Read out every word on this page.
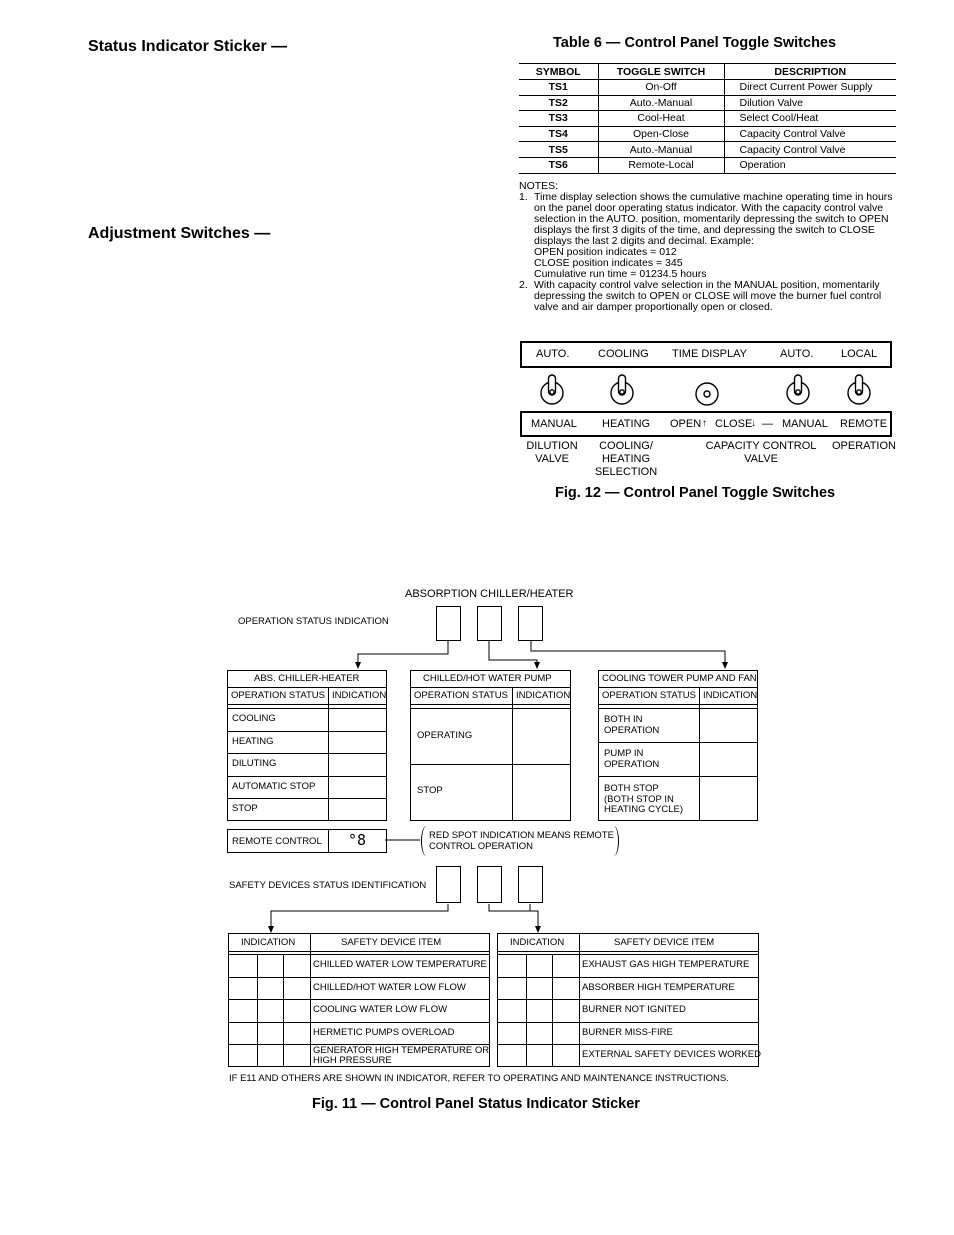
Status Indicator Sticker —
Adjustment Switches —
Table 6 — Control Panel Toggle Switches
SYMBOL	TOGGLE SWITCH	DESCRIPTION
TS1	On-Off	Direct Current Power Supply
TS2	Auto.-Manual	Dilution Valve
TS3	Cool-Heat	Select Cool/Heat
TS4	Open-Close	Capacity Control Valve
TS5	Auto.-Manual	Capacity Control Valve
TS6	Remote-Local	Operation
NOTES:
1. Time display selection shows the cumulative machine operating time in hours on the panel door operating status indicator. With the capacity control valve selection in the AUTO. position, momentarily depressing the switch to OPEN displays the first 3 digits of the time, and depressing the switch to CLOSE displays the last 2 digits and decimal. Example:
OPEN position indicates = 012
CLOSE position indicates = 345
Cumulative run time = 01234.5 hours
2. With capacity control valve selection in the MANUAL position, momentarily depressing the switch to OPEN or CLOSE will move the burner fuel control valve and air damper proportionally open or closed.
AUTO.	COOLING TIME DISPLAY	AUTO.	LOCAL
MANUAL HEATING OPEN ↑ CLOSE
↓ — MANUAL REMOTE
DILUTION
VALVE
COOLING/
HEATING
SELECTION
CAPACITY CONTROL
VALVE
OPERATION
Fig. 12 — Control Panel Toggle Switches
ABSORPTION CHILLER/HEATER
OPERATION STATUS INDICATION
ABS. CHILLER-HEATER
OPERATION STATUS INDICATION
COOLING
HEATING
DILUTING
AUTOMATIC STOP
STOP
CHILLED/HOT WATER PUMP
OPERATION STATUS INDICATION
OPERATING
STOP
COOLING TOWER PUMP AND FAN
OPERATION STATUS INDICATION
BOTH IN
OPERATION
PUMP IN
OPERATION
BOTH STOP
(BOTH STOP IN
HEATING CYCLE)
REMOTE CONTROL °8	RED SPOT INDICATION MEANS REMOTE
CONTROL OPERATION
SAFETY DEVICES STATUS IDENTIFICATION
INDICATION	SAFETY DEVICE ITEM
CHILLED WATER LOW TEMPERATURE
CHILLED/HOT WATER LOW FLOW
COOLING WATER LOW FLOW
HERMETIC PUMPS OVERLOAD
GENERATOR HIGH TEMPERATURE OR
HIGH PRESSURE
INDICATION	SAFETY DEVICE ITEM
EXHAUST GAS HIGH TEMPERATURE
ABSORBER HIGH TEMPERATURE
BURNER NOT IGNITED
BURNER MISS-FIRE
EXTERNAL SAFETY DEVICES WORKED
IF E11 AND OTHERS ARE SHOWN IN INDICATOR, REFER TO OPERATING AND MAINTENANCE INSTRUCTIONS.
Fig. 11 — Control Panel Status Indicator Sticker
